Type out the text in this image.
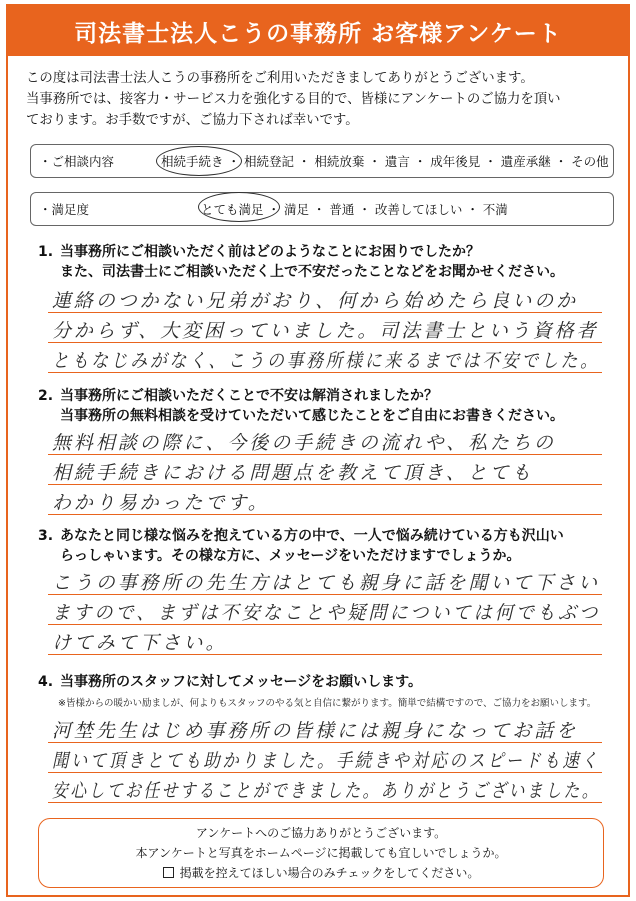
司法書士法人こうの事務所 お客様アンケート
この度は司法書士法人こうの事務所をご利用いただきましてありがとうございます。
当事務所では、接客力・サービス力を強化する目的で、皆様にアンケートのご協力を頂い
ております。お手数ですが、ご協力下されば幸いです。
・ご相談内容	相続手続き ・ 相続登記 ・ 相続放棄 ・ 遺言 ・ 成年後見 ・ 遺産承継 ・ その他
・満足度	とても満足 ・ 満足 ・ 普通 ・ 改善してほしい ・ 不満
1. 当事務所にご相談いただく前はどのようなことにお困りでしたか？
また、司法書士にご相談いただく上で不安だったことなどをお聞かせください。
連絡のつかない兄弟がおり、何から始めたら良いのか
分からず、大変困っていました。司法書士という資格者
ともなじみがなく、こうの事務所様に来るまでは不安でした。
2. 当事務所にご相談いただくことで不安は解消されましたか？
当事務所の無料相談を受けていただいて感じたことをご自由にお書きください。
無料相談の際に、今後の手続きの流れや、私たちの
相続手続きにおける問題点を教えて頂き、とても
わかり易かったです。
3. あなたと同じ様な悩みを抱えている方の中で、一人で悩み続けている方も沢山い
らっしゃいます。その様な方に、メッセージをいただけますでしょうか。
こうの事務所の先生方はとても親身に話を聞いて下さい
ますので、まずは不安なことや疑問については何でもぶつ
けてみて下さい。
4. 当事務所のスタッフに対してメッセージをお願いします。
※皆様からの暖かい励ましが、何よりもスタッフのやる気と自信に繋がります。簡単で結構ですので、ご協力をお願いします。
河埜先生はじめ事務所の皆様には親身になってお話を
聞いて頂きとても助かりました。手続きや対応のスピードも速く
安心してお任せすることができました。ありがとうございました。
アンケートへのご協力ありがとうございます。
本アンケートと写真をホームページに掲載しても宜しいでしょうか。
掲載を控えてほしい場合のみチェックをしてください。
